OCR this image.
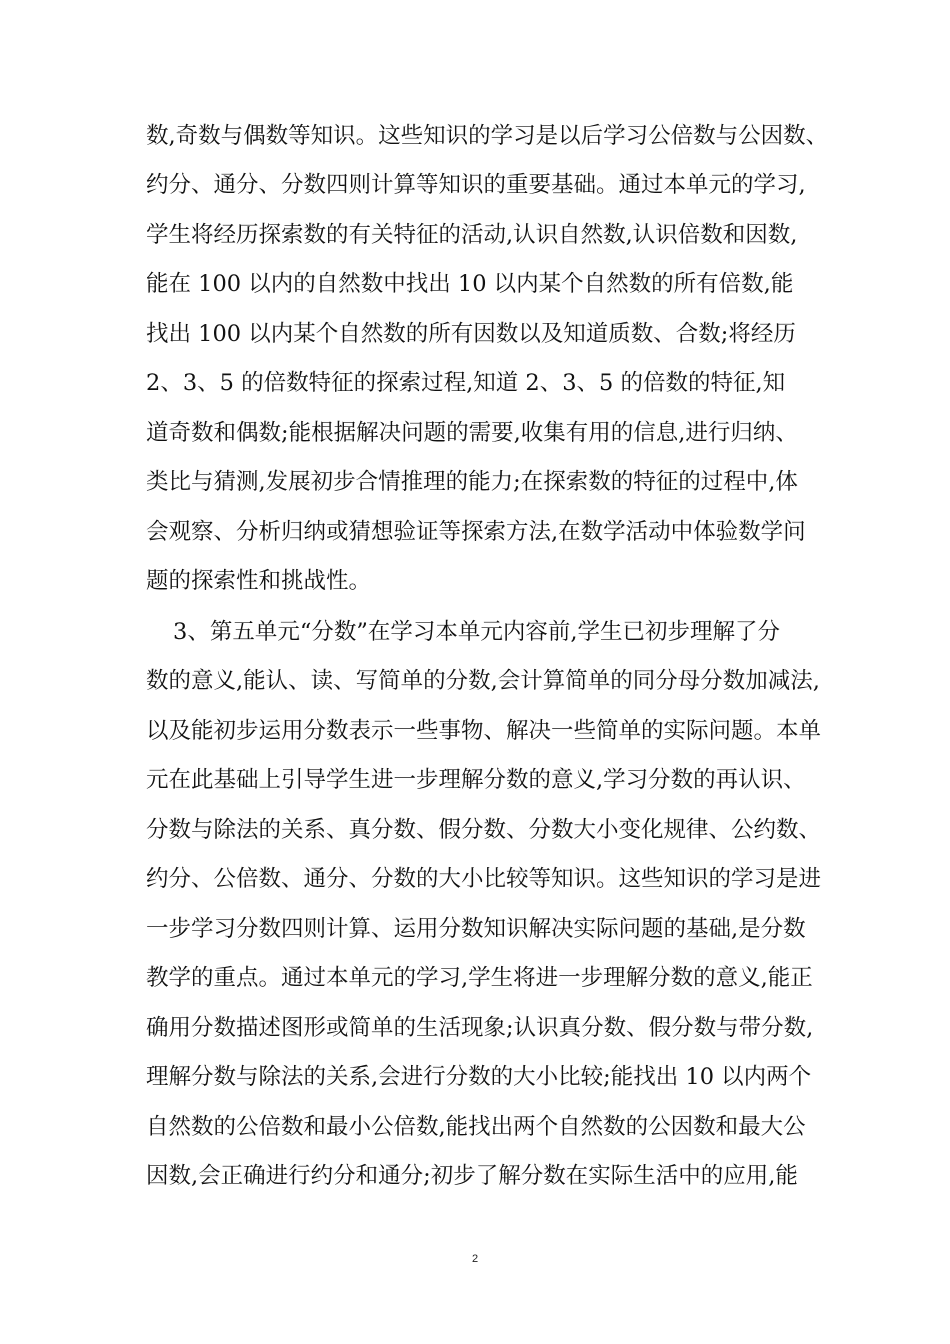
数,奇数与偶数等知识。这些知识的学习是以后学习公倍数与公因数、
约分、通分、分数四则计算等知识的重要基础。通过本单元的学习,
学生将经历探索数的有关特征的活动,认识自然数,认识倍数和因数,
能在 100 以内的自然数中找出 10 以内某个自然数的所有倍数,能
找出 100 以内某个自然数的所有因数以及知道质数、合数;将经历
2、3、5 的倍数特征的探索过程,知道 2、3、5 的倍数的特征,知
道奇数和偶数;能根据解决问题的需要,收集有用的信息,进行归纳、
类比与猜测,发展初步合情推理的能力;在探索数的特征的过程中,体
会观察、分析归纳或猜想验证等探索方法,在数学活动中体验数学问
题的探索性和挑战性。
3、第五单元“分数”在学习本单元内容前,学生已初步理解了分
数的意义,能认、读、写简单的分数,会计算简单的同分母分数加减法,
以及能初步运用分数表示一些事物、解决一些简单的实际问题。本单
元在此基础上引导学生进一步理解分数的意义,学习分数的再认识、
分数与除法的关系、真分数、假分数、分数大小变化规律、公约数、
约分、公倍数、通分、分数的大小比较等知识。这些知识的学习是进
一步学习分数四则计算、运用分数知识解决实际问题的基础,是分数
教学的重点。通过本单元的学习,学生将进一步理解分数的意义,能正
确用分数描述图形或简单的生活现象;认识真分数、假分数与带分数,
理解分数与除法的关系,会进行分数的大小比较;能找出 10 以内两个
自然数的公倍数和最小公倍数,能找出两个自然数的公因数和最大公
因数,会正确进行约分和通分;初步了解分数在实际生活中的应用,能
2
